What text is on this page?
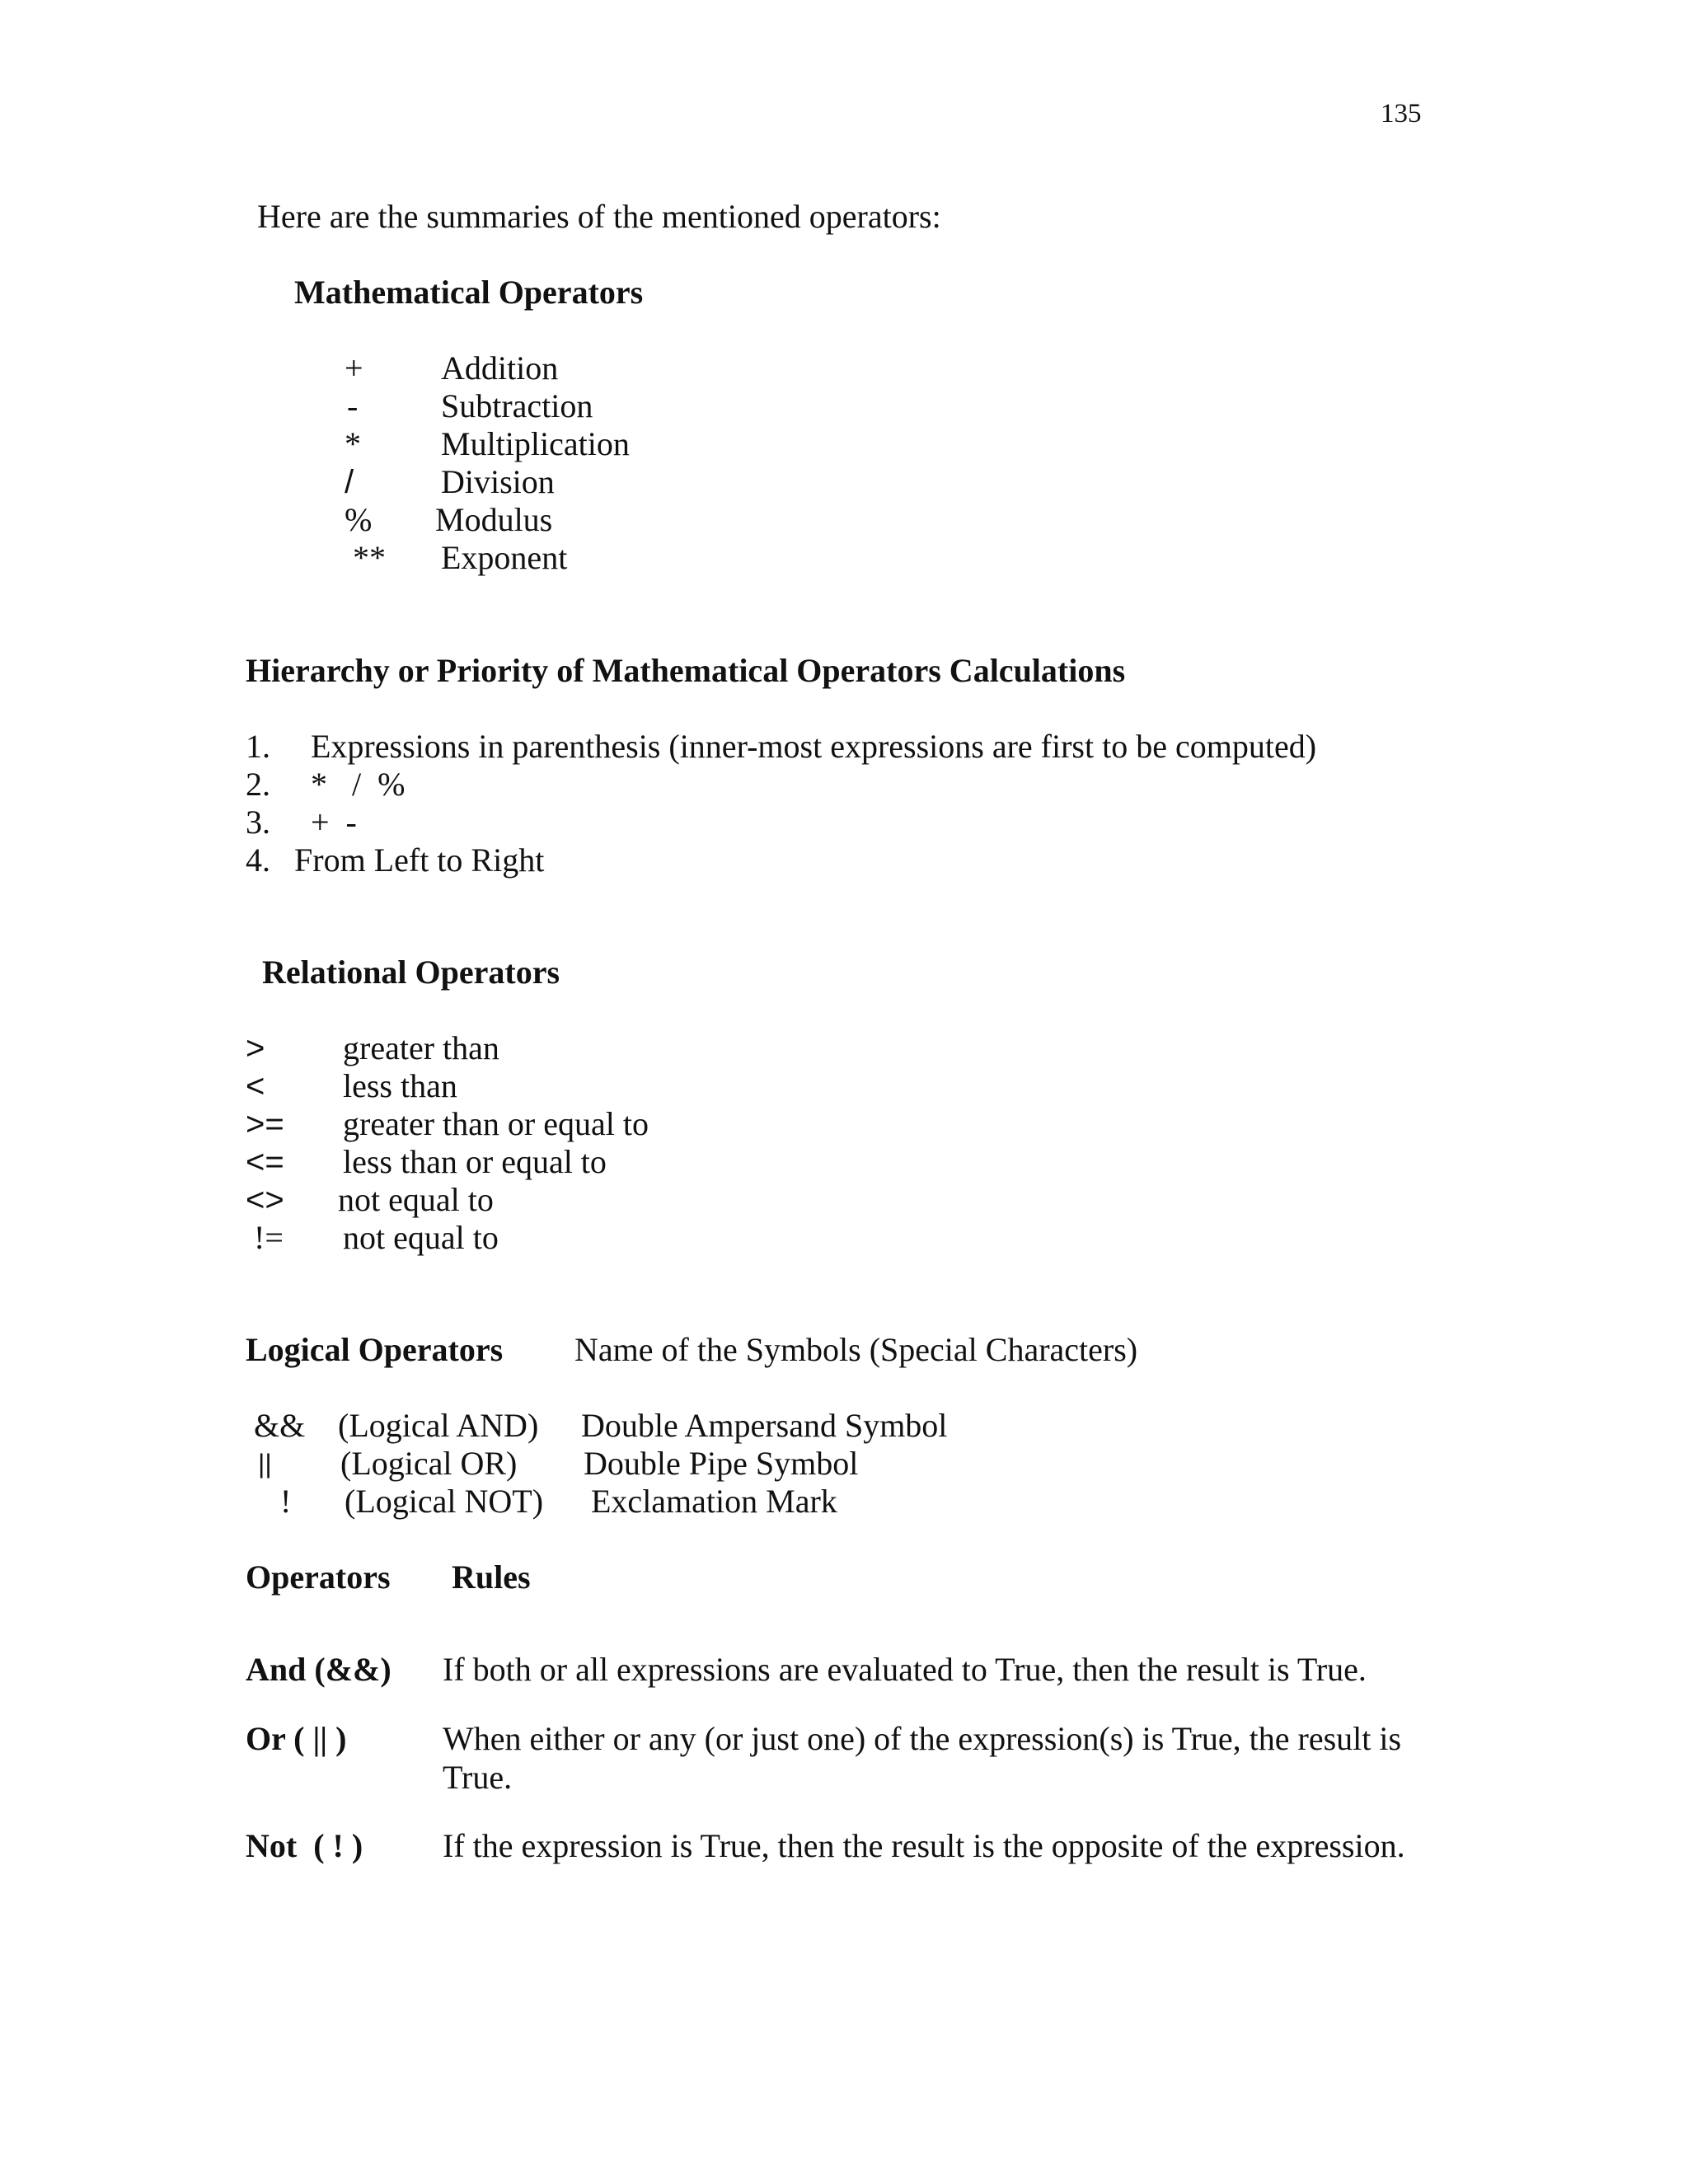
135
Here are the summaries of the mentioned operators:
Mathematical Operators
+ Addition
-	Subtraction
* Multiplication
/	Division
% Modulus
** Exponent
Hierarchy or Priority of Mathematical Operators Calculations
1. Expressions in parenthesis (inner-most expressions are first to be computed)
2. *   /  %
3. +  -
4. From Left to Right
Relational Operators
> greater than
< less than
>= greater than or equal to
<= less than or equal to
<> not equal to
!= not equal to
Logical Operators Name of the Symbols (Special Characters)
&& (Logical AND) Double Ampersand Symbol
|| (Logical OR) Double Pipe Symbol
! (Logical NOT) Exclamation Mark
Operators Rules
And (&&) If both or all expressions are evaluated to True, then the result is True.
Or ( || )	When either or any (or just one) of the expression(s) is True, the result is
True.
Not  ( ! ) If the expression is True, then the result is the opposite of the expression.
